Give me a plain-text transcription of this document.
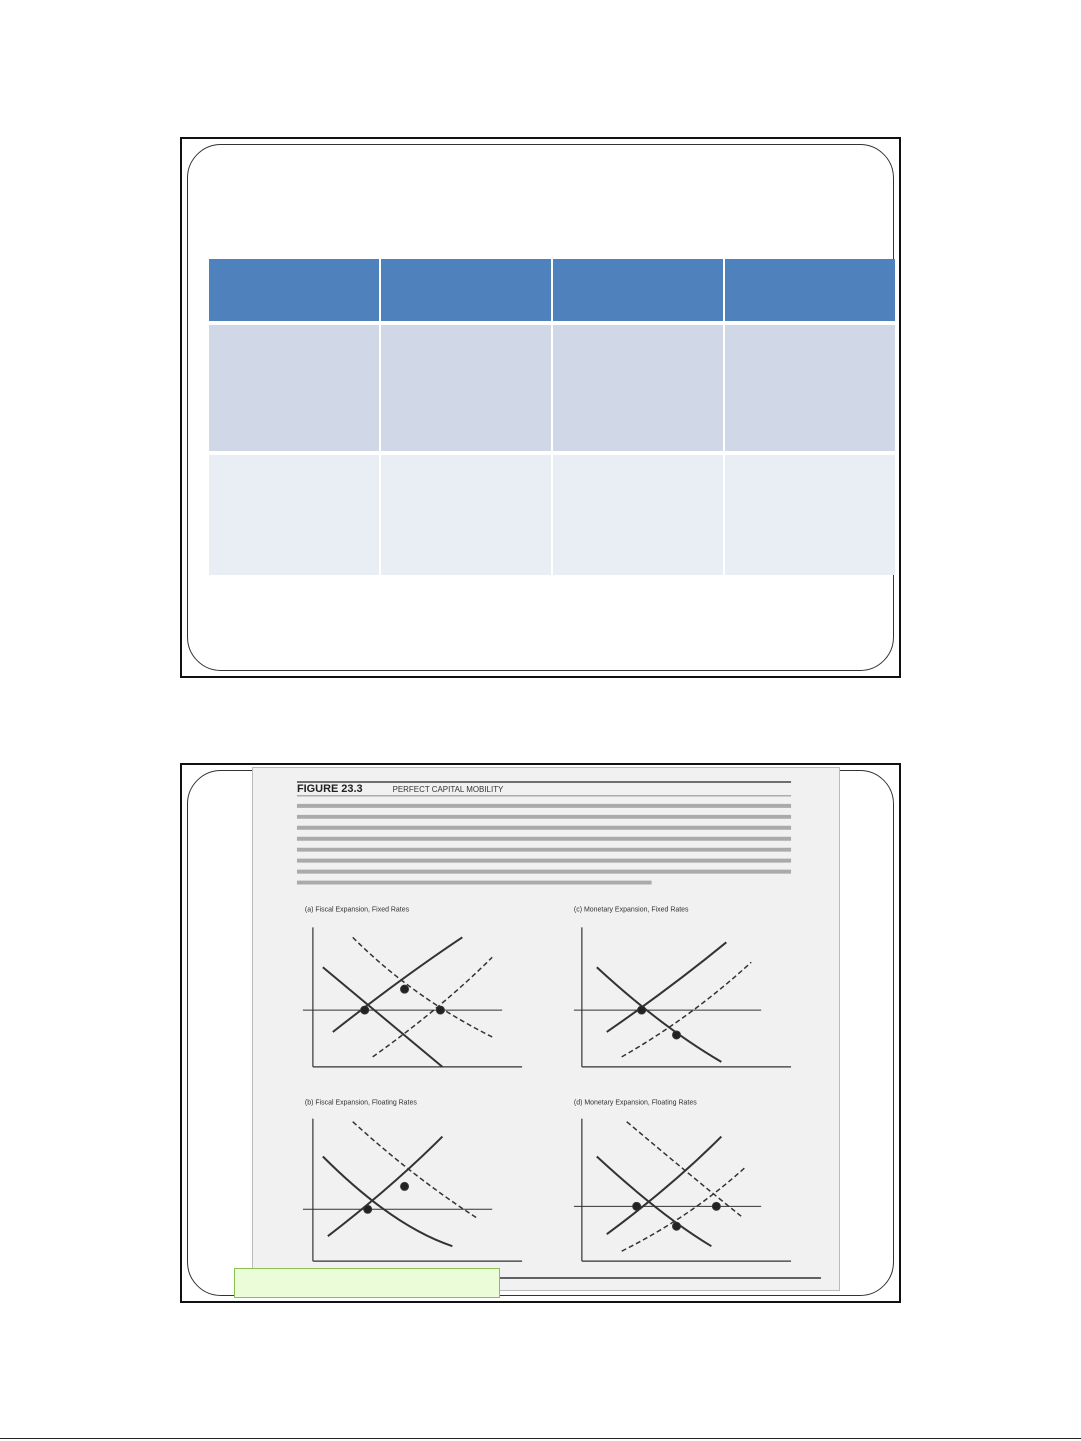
FIGURE 23.3	PERFECT CAPITAL MOBILITY
(a) Fiscal Expansion, Fixed Rates	(c) Monetary Expansion, Fixed Rates
(b) Fiscal Expansion, Floating Rates	(d) Monetary Expansion, Floating Rates
